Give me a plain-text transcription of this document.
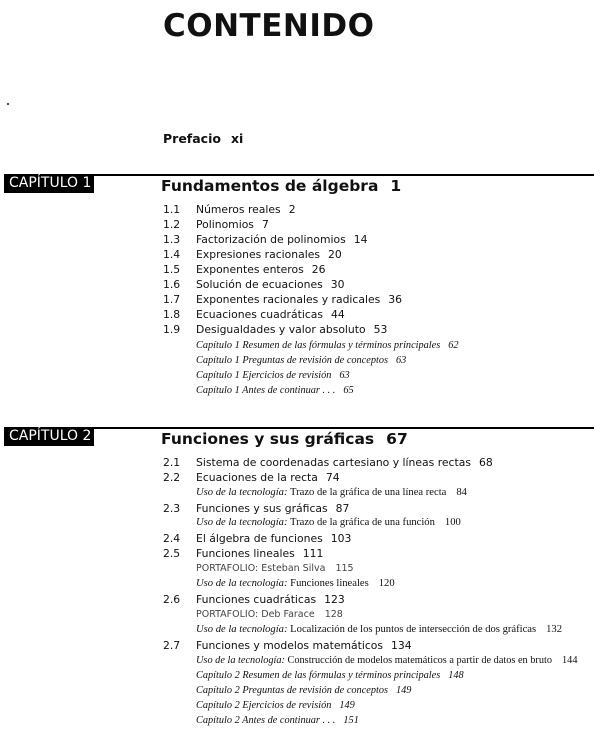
CONTENIDO
Prefacio xi
CAPÍTULO 1	Fundamentos de álgebra 1
1.1 Números reales 2
1.2 Polinomios 7
1.3 Factorización de polinomios 14
1.4 Expresiones racionales 20
1.5 Exponentes enteros 26
1.6 Solución de ecuaciones 30
1.7 Exponentes racionales y radicales 36
1.8 Ecuaciones cuadráticas 44
1.9 Desigualdades y valor absoluto 53
Capítulo 1 Resumen de las fórmulas y términos principales 62
Capítulo 1 Preguntas de revisión de conceptos 63
Capítulo 1 Ejercicios de revisión 63
Capítulo 1 Antes de continuar . . . 65
CAPÍTULO 2	Funciones y sus gráficas 67
2.1 Sistema de coordenadas cartesiano y líneas rectas 68
2.2 Ecuaciones de la recta 74
Uso de la tecnología: Trazo de la gráfica de una línea recta 84
2.3 Funciones y sus gráficas 87
Uso de la tecnología: Trazo de la gráfica de una función 100
2.4 El álgebra de funciones 103
2.5 Funciones lineales 111
PORTAFOLIO: Esteban Silva 115
Uso de la tecnología: Funciones lineales 120
2.6 Funciones cuadráticas 123
PORTAFOLIO: Deb Farace 128
Uso de la tecnología: Localización de los puntos de intersección de dos gráficas 132
2.7 Funciones y modelos matemáticos 134
Uso de la tecnología: Construcción de modelos matemáticos a partir de datos en bruto 144
Capítulo 2 Resumen de las fórmulas y términos principales 148
Capítulo 2 Preguntas de revisión de conceptos 149
Capítulo 2 Ejercicios de revisión 149
Capítulo 2 Antes de continuar . . . 151
